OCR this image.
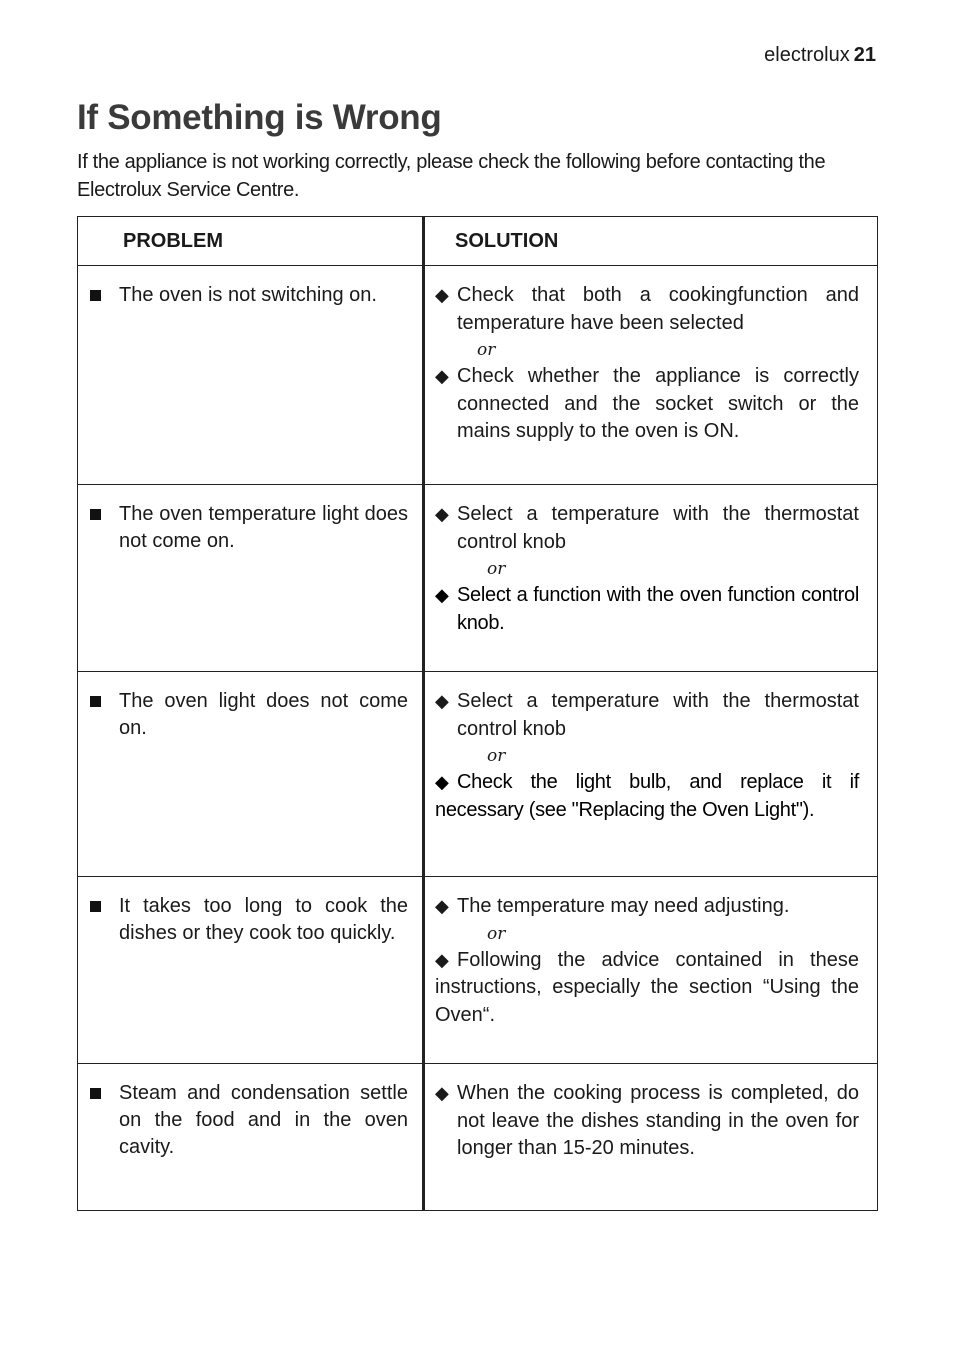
electrolux 21
If Something is Wrong

If the appliance is not working correctly, please check the following before contacting the Electrolux Service Centre.

PROBLEM	SOLUTION

The oven is not switching on.	◆ Check that both a cookingfunction and temperature have been selected
or
◆ Check whether the appliance is correctly connected and the socket switch or the mains supply to the oven is ON.

The oven temperature light does not come on.	◆ Select a temperature with the thermostat control knob
or
◆ Select a function with the oven function control knob.

The oven light does not come on.	◆ Select a temperature with the thermostat control knob
or
◆ Check the light bulb, and replace it if necessary (see "Replacing the Oven Light").

It takes too long to cook the dishes or they cook too quickly.	◆ The temperature may need adjusting.
or
◆ Following the advice contained in these instructions, especially the section “Using the Oven“.

Steam and condensation settle on the food and in the oven cavity.	◆ When the cooking process is completed, do not leave the dishes standing in the oven for longer than 15-20 minutes.
